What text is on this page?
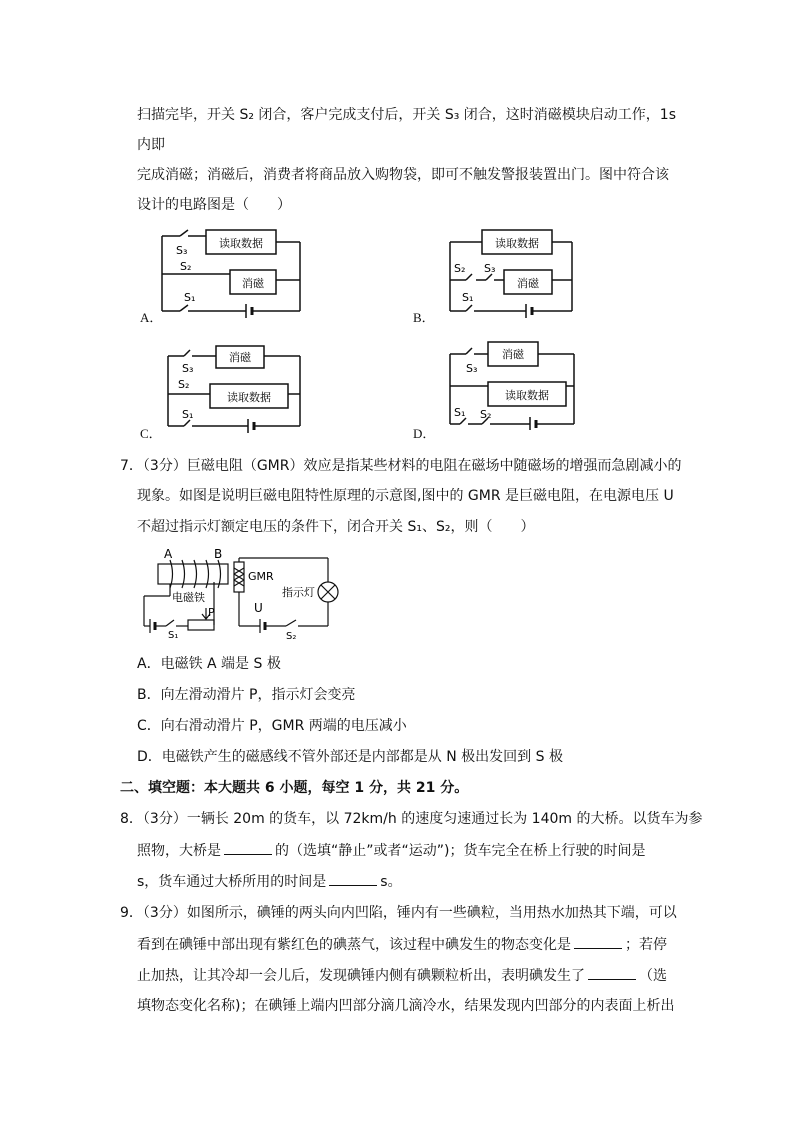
扫描完毕，开关 S₂ 闭合，客户完成支付后，开关 S₃ 闭合，这时消磁模块启动工作，1s
内即
完成消磁；消磁后，消费者将商品放入购物袋，即可不触发警报装置出门。图中符合该
设计的电路图是（　　）
读取数据
消磁
S₃
S₂
S₁
A．
读取数据
消磁
S₂ S₃
S₁
B．
消磁
读取数据
S₃
S₂
S₁
C．
消磁
读取数据
S₃
S₁ S₂
D．
7．（3分）巨磁电阻（GMR）效应是指某些材料的电阻在磁场中随磁场的增强而急剧减小的
现象。如图是说明巨磁电阻特性原理的示意图,图中的 GMR 是巨磁电阻，在电源电压 U
不超过指示灯额定电压的条件下，闭合开关 S₁、S₂，则（　　）
A	B
电磁铁
GMR
指示灯
U
P
S₁	S₂
A．电磁铁 A 端是 S 极
B．向左滑动滑片 P，指示灯会变亮
C．向右滑动滑片 P，GMR 两端的电压减小
D．电磁铁产生的磁感线不管外部还是内部都是从 N 极出发回到 S 极
二、填空题：本大题共 6 小题，每空 1 分，共 21 分。
8．（3分）一辆长 20m 的货车，以 72km/h 的速度匀速通过长为 140m 的大桥。以货车为参
照物，大桥是	的（选填“静止”或者“运动”)；货车完全在桥上行驶的时间是
s，货车通过大桥所用的时间是	s。
9．（3分）如图所示，碘锤的两头向内凹陷，锤内有一些碘粒，当用热水加热其下端，可以
看到在碘锤中部出现有紫红色的碘蒸气，该过程中碘发生的物态变化是	；若停
止加热，让其冷却一会儿后，发现碘锤内侧有碘颗粒析出，表明碘发生了	（选
填物态变化名称)；在碘锤上端内凹部分滴几滴冷水，结果发现内凹部分的内表面上析出
